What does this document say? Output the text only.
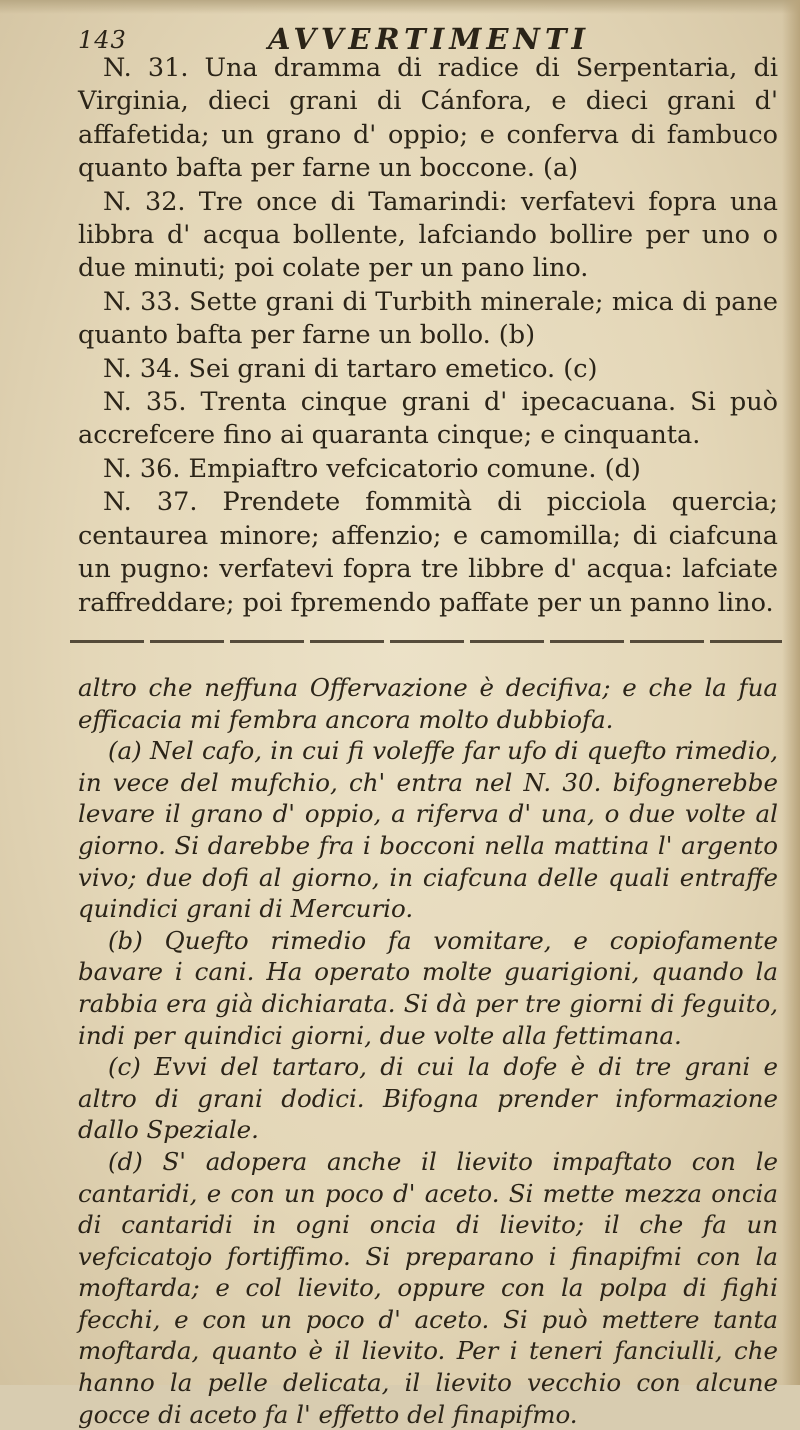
143	AVVERTIMENTI

N. 31. Una dramma di radice di Serpentaria, di Virginia, dieci grani di Cánfora, e dieci grani d' affafetida; un grano d' oppio; e conferva di fambuco quanto bafta per farne un boccone. (a)

N. 32. Tre once di Tamarindi: verfatevi fopra una libbra d' acqua bollente, lafciando bollire per uno o due minuti; poi colate per un pano lino.

N. 33. Sette grani di Turbith minerale; mica di pane quanto bafta per farne un bollo. (b)

N. 34. Sei grani di tartaro emetico. (c)

N. 35. Trenta cinque grani d' ipecacuana. Si può accrefcere fino ai quaranta cinque; e cinquanta.

N. 36. Empiaftro vefcicatorio comune. (d)

N. 37. Prendete fommità di picciola quercia; centaurea minore; affenzio; e camomilla; di ciafcuna un pugno: verfatevi fopra tre libbre d' acqua: lafciate raffreddare; poi fpremendo paffate per un panno lino.

altro che neffuna Offervazione è decifiva; e che la fua efficacia mi fembra ancora molto dubbiofa.

(a) Nel cafo, in cui fi voleffe far ufo di quefto rimedio, in vece del mufchio, ch' entra nel N. 30. bifognerebbe levare il grano d' oppio, a riferva d' una, o due volte al giorno. Si darebbe fra i bocconi nella mattina l' argento vivo; due dofi al giorno, in ciafcuna delle quali entraffe quindici grani di Mercurio.

(b) Quefto rimedio fa vomitare, e copiofamente bavare i cani. Ha operato molte guarigioni, quando la rabbia era già dichiarata. Si dà per tre giorni di feguito, indi per quindici giorni, due volte alla fettimana.

(c) Evvi del tartaro, di cui la dofe è di tre grani e altro di grani dodici. Bifogna prender informazione dallo Speziale.

(d) S' adopera anche il lievito impaftato con le cantaridi, e con un poco d' aceto. Si mette mezza oncia di cantaridi in ogni oncia di lievito; il che fa un vefcicatojo fortiffimo. Si preparano i finapifmi con la moftarda; e col lievito, oppure con la polpa di fighi fecchi, e con un poco d' aceto. Si può mettere tanta moftarda, quanto è il lievito. Per i teneri fanciulli, che hanno la pelle delicata, il lievito vecchio con alcune gocce di aceto fa l' effetto del finapifmo.
